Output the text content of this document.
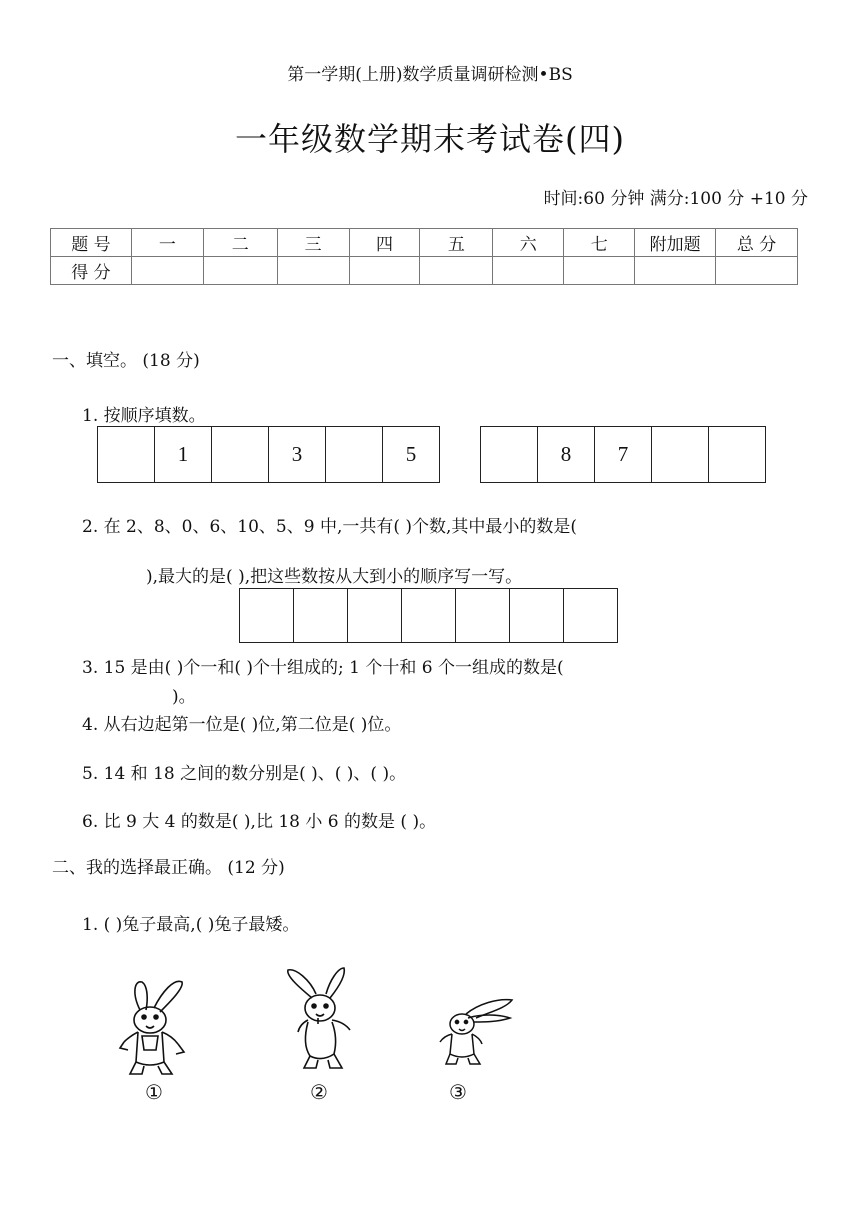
第一学期(上册)数学质量调研检测•BS
一年级数学期末考试卷(四)
时间:60 分钟 满分:100 分 +10 分
题 号	一	二	三	四	五	六	七	附加题	总 分
得 分									
一、填空。 (18 分)
1. 按顺序填数。
1	3	5	8	7
2. 在 2、8、0、6、10、5、9 中,一共有( )个数,其中最小的数是(
),最大的是( ),把这些数按从大到小的顺序写一写。
3. 15 是由( )个一和( )个十组成的; 1 个十和 6 个一组成的数是(
)。
4. 从右边起第一位是( )位,第二位是( )位。
5. 14 和 18 之间的数分别是( )、( )、( )。
6. 比 9 大 4 的数是( ),比 18 小 6 的数是 ( )。
二、我的选择最正确。 (12 分)
1. ( )兔子最高,( )兔子最矮。
①	②	③
